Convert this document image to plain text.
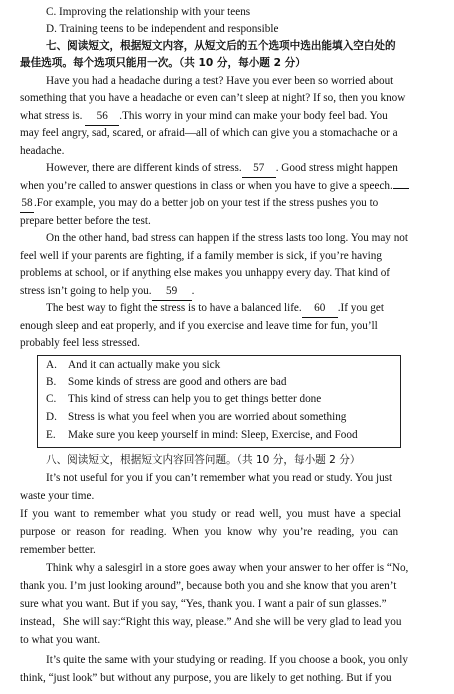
C. Improving the relationship with your teens
D. Training teens to be independent and responsible
七、阅读短文，根据短文内容，从短文后的五个选项中选出能填入空白处的
最佳选项。每个选项只能用一次。（共 10 分，每小题 2 分）
Have you had a headache during a test? Have you ever been so worried about
something that you have a headache or even can’t sleep at night? If so, then you know
what stress is. 56 .This worry in your mind can make your body feel bad. You
may feel angry, sad, scared, or afraid—all of which can give you a stomachache or a
headache.
However, there are different kinds of stress. 57 . Good stress might happen
when you’re called to answer questions in class or when you have to give a speech.
58.For example, you may do a better job on your test if the stress pushes you to
prepare better before the test.
On the other hand, bad stress can happen if the stress lasts too long. You may not
feel well if your parents are fighting, if a family member is sick, if you’re having
problems at school, or if anything else makes you unhappy every day. That kind of
stress isn’t going to help you. 59 .
The best way to fight the stress is to have a balanced life. 60 .If you get
enough sleep and eat properly, and if you exercise and leave time for fun, you’ll
probably feel less stressed.
A. And it can actually make you sick
B. Some kinds of stress are good and others are bad
C. This kind of stress can help you to get things better done
D. Stress is what you feel when you are worried about something
E. Make sure you keep yourself in mind: Sleep, Exercise, and Food
八、阅读短文，根据短文内容回答问题。（共 10 分，每小题 2 分）
It’s not useful for you if you can’t remember what you read or study. You just
waste your time.
If you want to remember what you study or read well, you must have a special
purpose or reason for reading. When you know why you’re reading, you can
remember better.
Think why a salesgirl in a store goes away when your answer to her offer is “No,
thank you. I’m just looking around”, because both you and she know that you aren’t
sure what you want. But if you say, “Yes, thank you. I want a pair of sun glasses.”
instead，She will say:“Right this way, please.” And she will be very glad to lead you
to what you want.
It’s quite the same with your studying or reading. If you choose a book, you only
think, “just look” but without any purpose, you are likely to get nothing. But if you
